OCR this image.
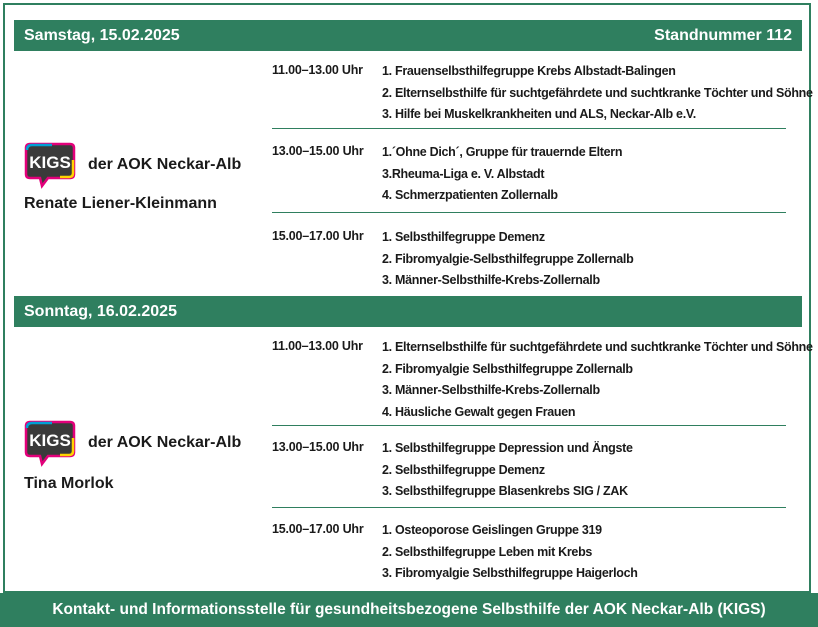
Samstag, 15.02.2025	Standnummer 112
KIGS der AOK Neckar-Alb
Renate Liener-Kleinmann
11.00–13.00 Uhr 1. Frauenselbsthilfegruppe Krebs Albstadt-Balingen
2. Elternselbsthilfe für suchtgefährdete und suchtkranke Töchter und Söhne
3. Hilfe bei Muskelkrankheiten und ALS, Neckar-Alb e.V.
13.00–15.00 Uhr 1.´Ohne Dich´, Gruppe für trauernde Eltern
3.Rheuma-Liga e. V. Albstadt
4. Schmerzpatienten Zollernalb
15.00–17.00 Uhr 1. Selbsthilfegruppe Demenz
2. Fibromyalgie-Selbsthilfegruppe Zollernalb
3. Männer-Selbsthilfe-Krebs-Zollernalb
Sonntag, 16.02.2025
KIGS der AOK Neckar-Alb
Tina Morlok
11.00–13.00 Uhr 1. Elternselbsthilfe für suchtgefährdete und suchtkranke Töchter und Söhne
2. Fibromyalgie Selbsthilfegruppe Zollernalb
3. Männer-Selbsthilfe-Krebs-Zollernalb
4. Häusliche Gewalt gegen Frauen
13.00–15.00 Uhr 1. Selbsthilfegruppe Depression und Ängste
2. Selbsthilfegruppe Demenz
3. Selbsthilfegruppe Blasenkrebs SIG / ZAK
15.00–17.00 Uhr 1. Osteoporose Geislingen Gruppe 319
2. Selbsthilfegruppe Leben mit Krebs
3. Fibromyalgie Selbsthilfegruppe Haigerloch
Kontakt- und Informationsstelle für gesundheitsbezogene Selbsthilfe der AOK Neckar-Alb (KIGS)
